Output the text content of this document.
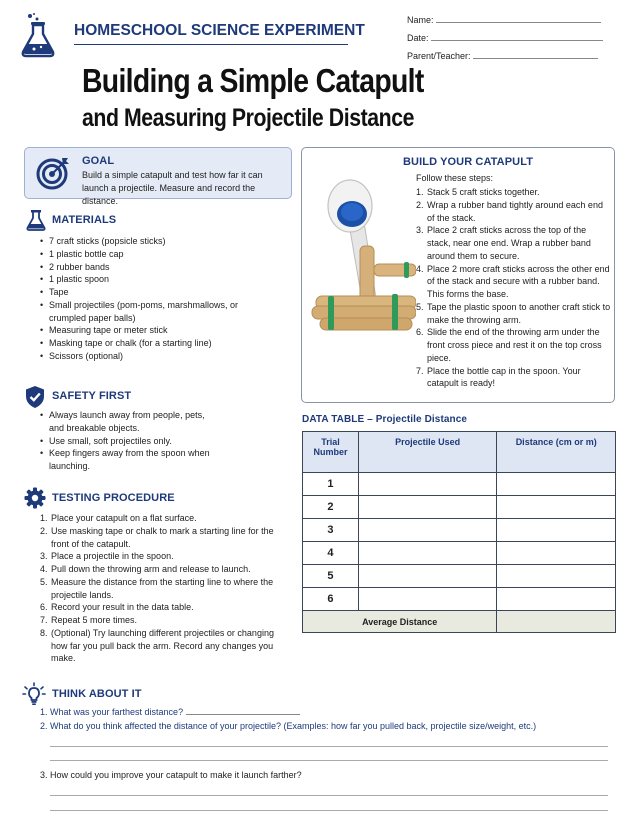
HOMESCHOOL SCIENCE EXPERIMENT
Name:
Date:
Parent/Teacher:
Building a Simple Catapult
and Measuring Projectile Distance
GOAL
Build a simple catapult and test how far it can launch a projectile. Measure and record the distance.
MATERIALS
• 7 craft sticks (popsicle sticks)
• 1 plastic bottle cap
• 2 rubber bands
• 1 plastic spoon
• Tape
• Small projectiles (pom-poms, marshmallows, or crumpled paper balls)
• Measuring tape or meter stick
• Masking tape or chalk (for a starting line)
• Scissors (optional)
SAFETY FIRST
• Always launch away from people, pets, and breakable objects.
• Use small, soft projectiles only.
• Keep fingers away from the spoon when launching.
TESTING PROCEDURE
1. Place your catapult on a flat surface.
2. Use masking tape or chalk to mark a starting line for the front of the catapult.
3. Place a projectile in the spoon.
4. Pull down the throwing arm and release to launch.
5. Measure the distance from the starting line to where the projectile lands.
6. Record your result in the data table.
7. Repeat 5 more times.
8. (Optional) Try launching different projectiles or changing how far you pull back the arm. Record any changes you make.
BUILD YOUR CATAPULT
Follow these steps:
1. Stack 5 craft sticks together.
2. Wrap a rubber band tightly around each end of the stack.
3. Place 2 craft sticks across the top of the stack, near one end. Wrap a rubber band around them to secure.
4. Place 2 more craft sticks across the other end of the stack and secure with a rubber band. This forms the base.
5. Tape the plastic spoon to another craft stick to make the throwing arm.
6. Slide the end of the throwing arm under the front cross piece and rest it on the top cross piece.
7. Place the bottle cap in the spoon. Your catapult is ready!
DATA TABLE – Projectile Distance
Trial Number	Projectile Used	Distance (cm or m)
1		
2		
3		
4		
5		
6		
Average Distance		
THINK ABOUT IT
1. What was your farthest distance?
2. What do you think affected the distance of your projectile? (Examples: how far you pulled back, projectile size/weight, etc.)
3. How could you improve your catapult to make it launch farther?
